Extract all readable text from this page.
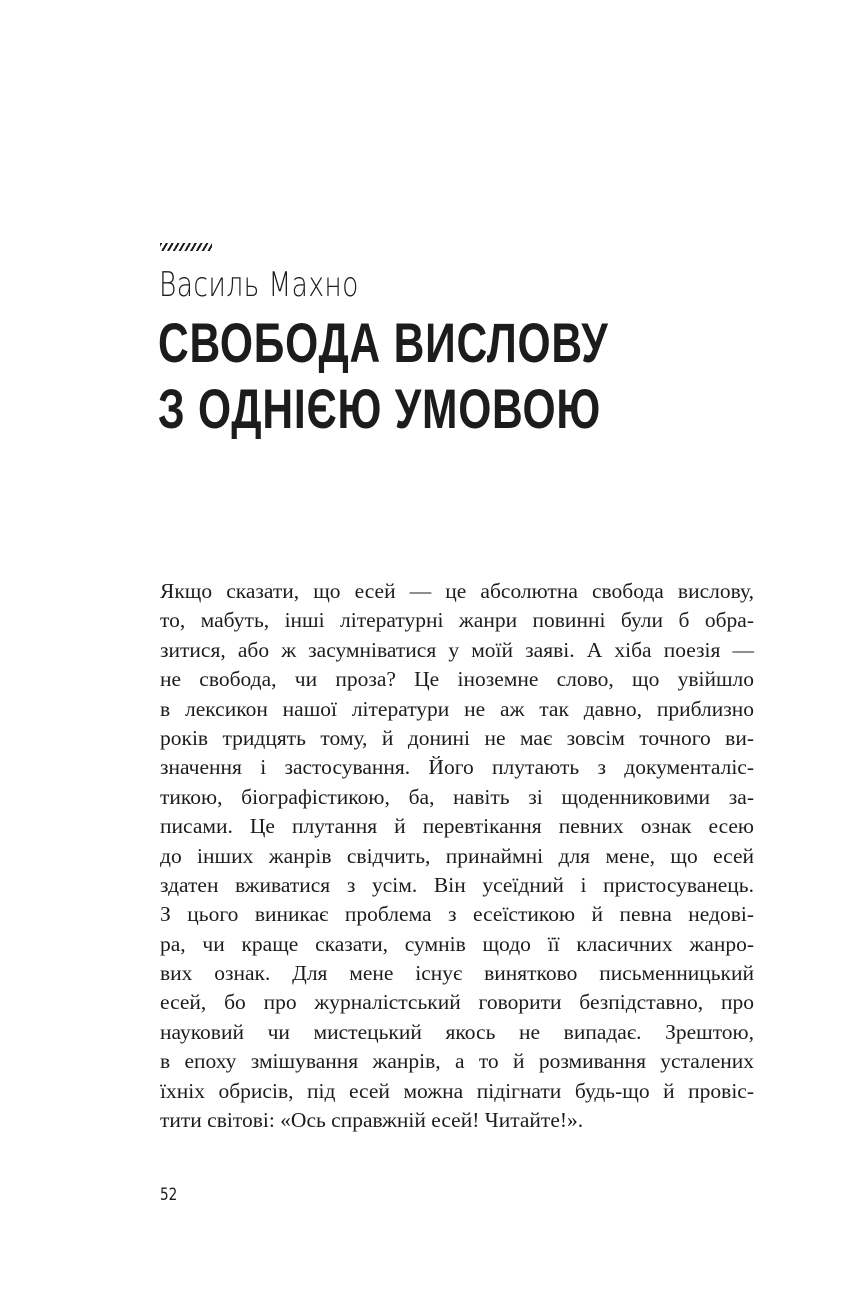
Василь Махно

СВОБОДА ВИСЛОВУ
З ОДНІЄЮ УМОВОЮ
Якщо сказати, що есей — це абсолютна свобода вислову,
то, мабуть, інші літературні жанри повинні були б обра-
зитися, або ж засумніватися у моїй заяві. А хіба поезія —
не свобода, чи проза? Це іноземне слово, що увійшло
в лексикон нашої літератури не аж так давно, приблизно
років тридцять тому, й донині не має зовсім точного ви-
значення і застосування. Його плутають з документаліс-
тикою, біографістикою, ба, навіть зі щоденниковими за-
писами. Це плутання й перевтікання певних ознак есею
до інших жанрів свідчить, принаймні для мене, що есей
здатен вживатися з усім. Він усеїдний і пристосуванець.
З цього виникає проблема з есеїстикою й певна недові-
ра, чи краще сказати, сумнів щодо її класичних жанро-
вих ознак. Для мене існує винятково письменницький
есей, бо про журналістський говорити безпідставно, про
науковий чи мистецький якось не випадає. Зрештою,
в епоху змішування жанрів, а то й розмивання усталених
їхніх обрисів, під есей можна підігнати будь-що й провіс-
тити світові: «Ось справжній есей! Читайте!».
52
